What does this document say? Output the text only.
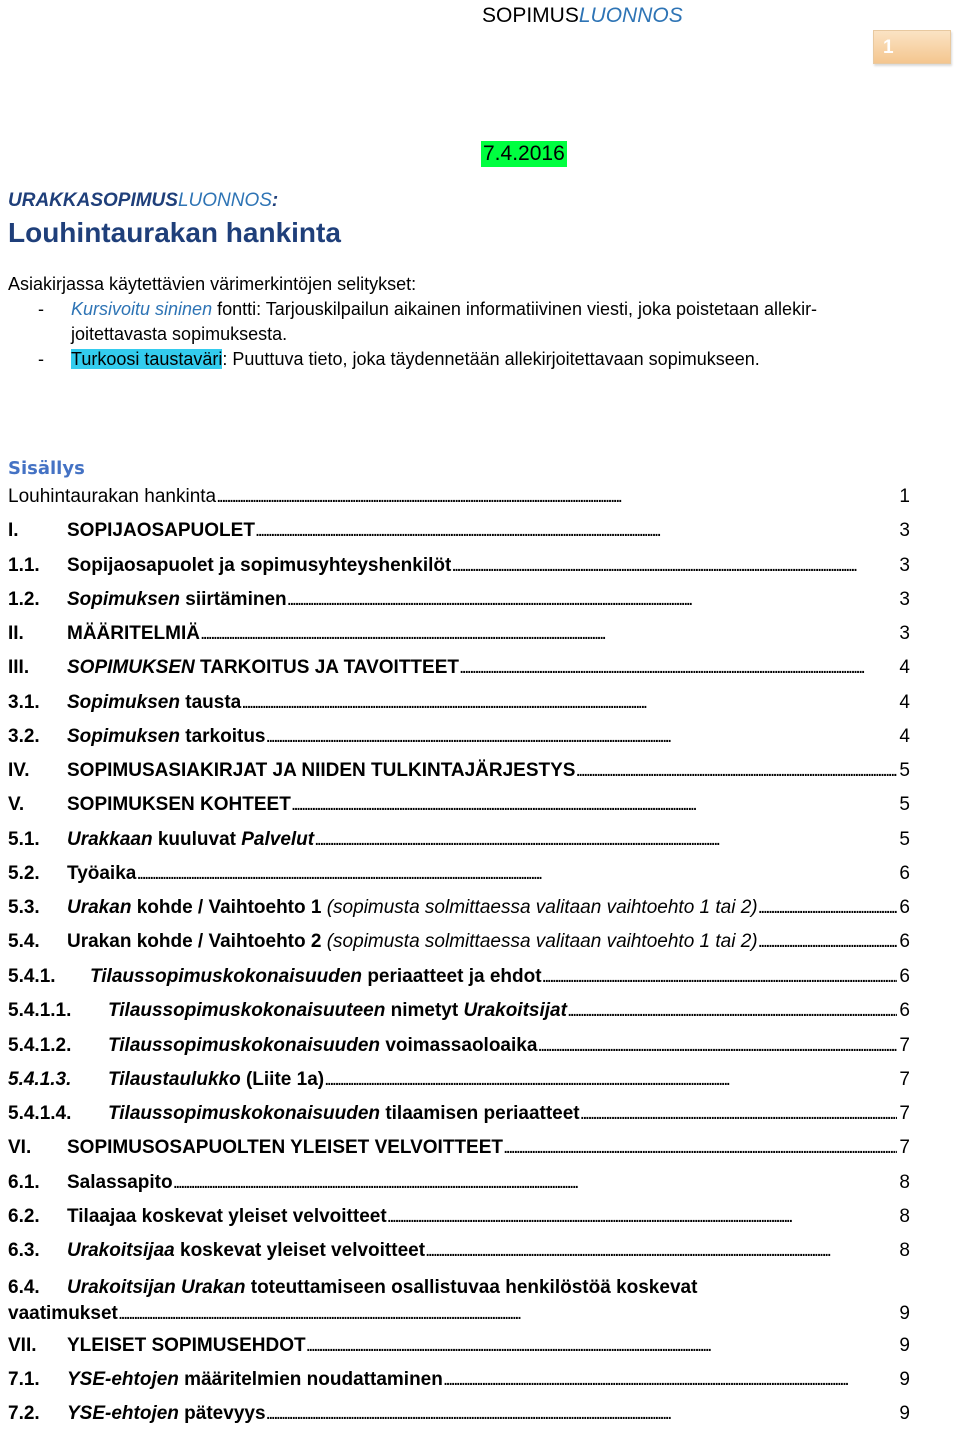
SOPIMUSLUONNOS
1
7.4.2016
URAKKASOPIMUSLUONNOS:
Louhintaurakan hankinta
Asiakirjassa käytettävien värimerkintöjen selitykset:
- Kursivoitu sininen fontti: Tarjouskilpailun aikainen informatiivinen viesti, joka poistetaan allekir-
joitettavasta sopimuksesta.
- Turkoosi taustaväri: Puuttuva tieto, joka täydennetään allekirjoitettavaan sopimukseen.
Sisällys
Louhintaurakan hankinta . . .	1
I.	SOPIJAOSAPUOLET . . .	3
1.1.	Sopijaosapuolet ja sopimusyhteyshenkilöt . . .	3
1.2.	Sopimuksen siirtäminen . . .	3
II.	MÄÄRITELMIÄ . . .	3
III.	SOPIMUKSEN TARKOITUS JA TAVOITTEET . . .	4
3.1.	Sopimuksen tausta . . .	4
3.2.	Sopimuksen tarkoitus . . .	4
IV.	SOPIMUSASIAKIRJAT JA NIIDEN TULKINTAJÄRJESTYS . . .	5
V.	SOPIMUKSEN KOHTEET . . .	5
5.1.	Urakkaan kuuluvat Palvelut . . .	5
5.2.	Työaika . . .	6
5.3.	Urakan kohde / Vaihtoehto 1 (sopimusta solmittaessa valitaan vaihtoehto 1 tai 2) . . .	6
5.4.	Urakan kohde / Vaihtoehto 2 (sopimusta solmittaessa valitaan vaihtoehto 1 tai 2) . . .	6
5.4.1.	Tilaussopimuskokonaisuuden periaatteet ja ehdot . . .	6
5.4.1.1.	Tilaussopimuskokonaisuuteen nimetyt Urakoitsijat . . .	6
5.4.1.2.	Tilaussopimuskokonaisuuden voimassaoloaika . . .	7
5.4.1.3.	Tilaustaulukko (Liite 1a) . . .	7
5.4.1.4.	Tilaussopimuskokonaisuuden tilaamisen periaatteet . . .	7
VI.	SOPIMUSOSAPUOLTEN YLEISET VELVOITTEET . . .	7
6.1.	Salassapito . . .	8
6.2.	Tilaajaa koskevat yleiset velvoitteet . . .	8
6.3.	Urakoitsijaa koskevat yleiset velvoitteet . . .	8
6.4. Urakoitsijan Urakan toteuttamiseen osallistuvaa henkilöstöä koskevat
vaatimukset . . .	9
VII.	YLEISET SOPIMUSEHDOT . . .	9
7.1.	YSE-ehtojen määritelmien noudattaminen . . .	9
7.2.	YSE-ehtojen pätevyys . . .	9
